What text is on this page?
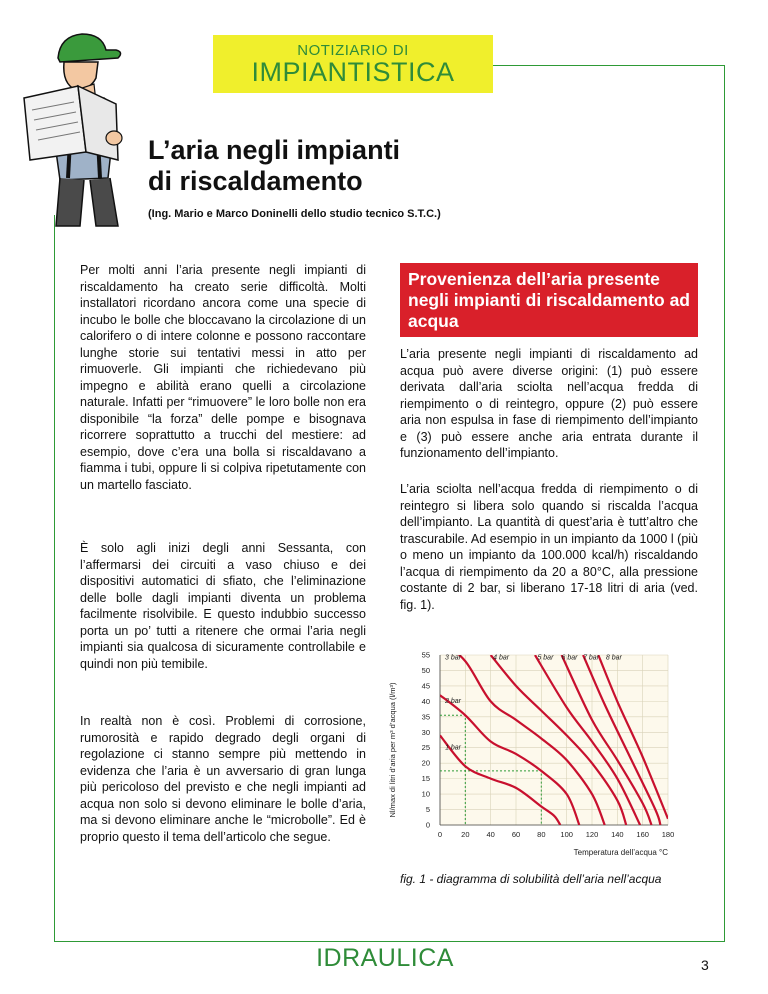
NOTIZIARIO DI
IMPIANTISTICA
L’aria negli impianti
di riscaldamento
(Ing. Mario e Marco Doninelli dello studio tecnico S.T.C.)

Per molti anni l’aria presente negli impianti di riscaldamento ha creato serie difficoltà. Molti installatori ricordano ancora come una specie di incubo le bolle che bloccavano la circolazione di un calorifero o di intere colonne e possono raccontare lunghe storie sui tentativi messi in atto per rimuoverle. Gli impianti che richiedevano più impegno e abilità erano quelli a circolazione naturale. Infatti per “rimuovere” le loro bolle non era disponibile “la forza” delle pompe e bisognava ricorrere soprattutto a trucchi del mestiere: ad esempio, dove c’era una bolla si riscaldavano a fiamma i tubi, oppure li si colpiva ripetutamente con un martello fasciato.

È solo agli inizi degli anni Sessanta, con l’affermarsi dei circuiti a vaso chiuso e dei dispositivi automatici di sfiato, che l’eliminazione delle bolle dagli impianti diventa un problema facilmente risolvibile. E questo indubbio successo porta un po’ tutti a ritenere che ormai l’aria negli impianti sia qualcosa di sicuramente controllabile e quindi non più temibile.

In realtà non è così. Problemi di corrosione, rumorosità e rapido degrado degli organi di regolazione ci stanno sempre più mettendo in evidenza che l’aria è un avversario di gran lunga più pericoloso del previsto e che negli impianti ad acqua non solo si devono eliminare le bolle d’aria, ma si devono eliminare anche le “microbolle”. Ed è proprio questo il tema dell’articolo che segue.

Provenienza dell’aria presente negli impianti di riscaldamento ad acqua

L’aria presente negli impianti di riscaldamento ad acqua può avere diverse origini: (1) può essere derivata dall’aria sciolta nell’acqua fredda di riempimento o di reintegro, oppure (2) può essere aria non espulsa in fase di riempimento dell’impianto e (3) può essere anche aria entrata durante il funzionamento dell’impianto.

L’aria sciolta nell’acqua fredda di riempimento o di reintegro si libera solo quando si riscalda l’acqua dell’impianto. La quantità di quest’aria è tutt’altro che trascurabile. Ad esempio in un impianto da 1000 l (più o meno un impianto da 100.000 kcal/h) riscaldando l’acqua di riempimento da 20 a 80°C, alla pressione costante di 2 bar, si liberano 17-18 litri di aria (ved. fig. 1).

0	20 40 60 80 100 120 140 160 180
0
5
10
15
20
25
30
35
40
45
50
55
1 bar
2 bar
3 bar	4 bar	5 bar 6 bar 7 bar 8 bar
Temperatura dell’acqua °C
Nl/max di litri d’aria per m³ d’acqua (l/m³)
fig. 1 - diagramma di solubilità dell’aria nell’acqua
IDRAULICA	3
